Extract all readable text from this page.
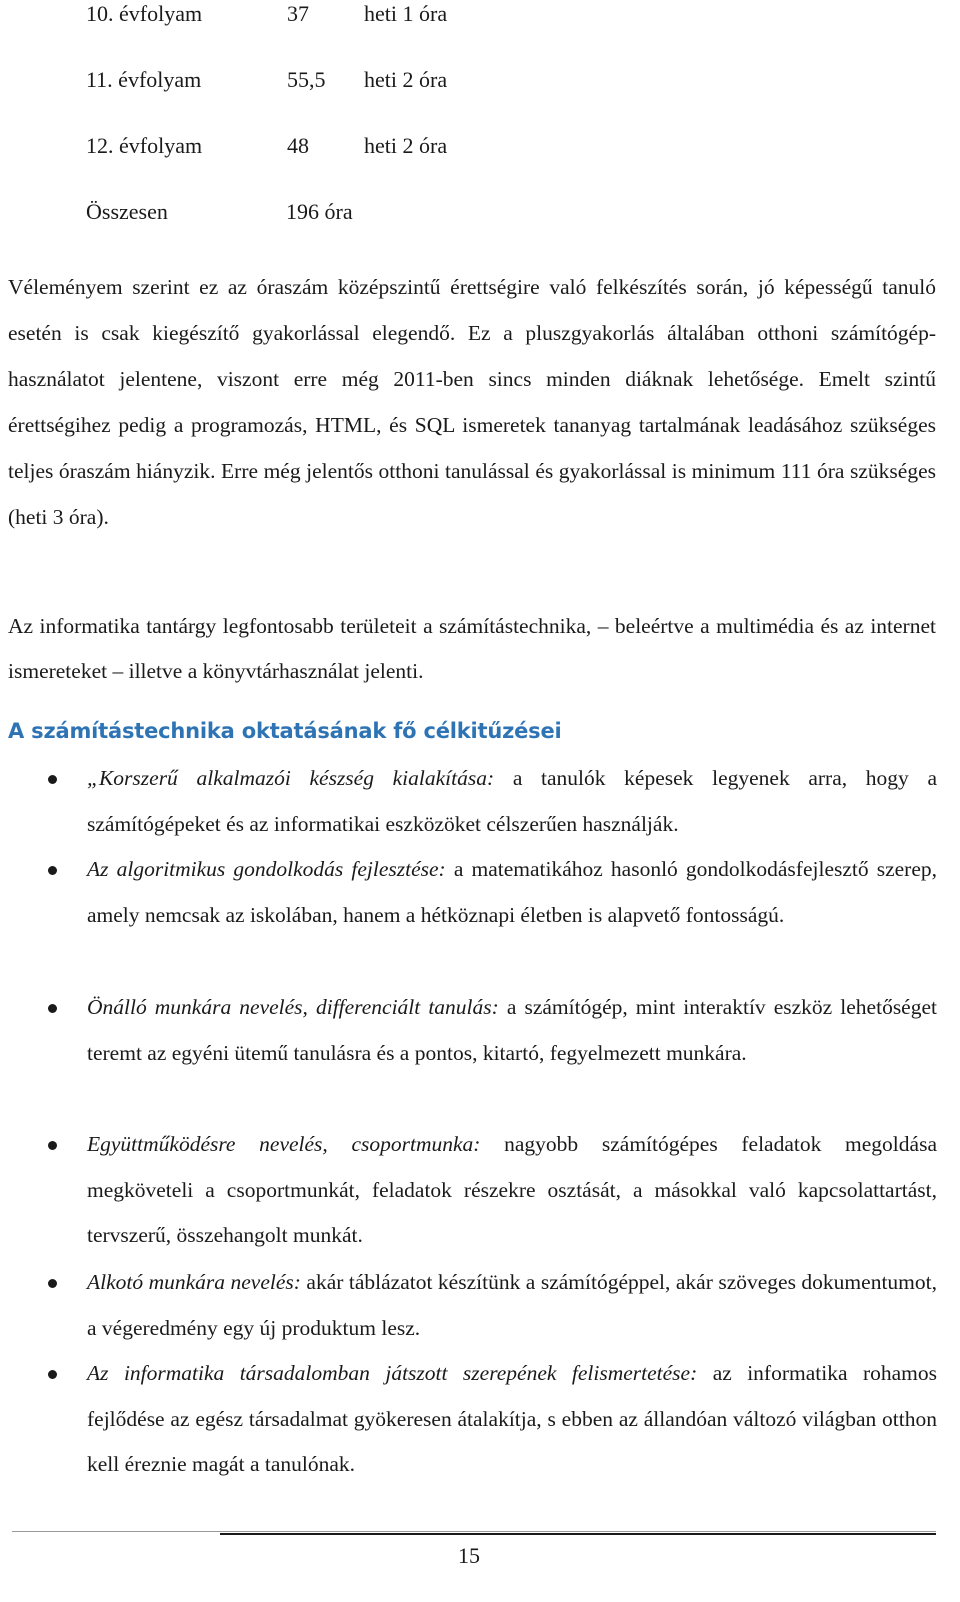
10. évfolyam	37	heti 1 óra
11. évfolyam	55,5 heti 2 óra
12. évfolyam	48	heti 2 óra
Összesen	196 óra
Véleményem szerint ez az óraszám középszintű érettségire való felkészítés során, jó képességű tanuló esetén is csak kiegészítő gyakorlással elegendő. Ez a pluszgyakorlás általában otthoni számítógép-használatot jelentene, viszont erre még 2011-ben sincs minden diáknak lehetősége. Emelt szintű érettségihez pedig a programozás, HTML, és SQL ismeretek tananyag tartalmának leadásához szükséges teljes óraszám hiányzik. Erre még jelentős otthoni tanulással és gyakorlással is minimum 111 óra szükséges (heti 3 óra).
Az informatika tantárgy legfontosabb területeit a számítástechnika, – beleértve a multimédia és az internet ismereteket – illetve a könyvtárhasználat jelenti.
A számítástechnika oktatásának fő célkitűzései
„Korszerű alkalmazói készség kialakítása: a tanulók képesek legyenek arra, hogy a számítógépeket és az informatikai eszközöket célszerűen használják.
Az algoritmikus gondolkodás fejlesztése: a matematikához hasonló gondolkodásfejlesztő szerep, amely nemcsak az iskolában, hanem a hétköznapi életben is alapvető fontosságú.
Önálló munkára nevelés, differenciált tanulás: a számítógép, mint interaktív eszköz lehetőséget teremt az egyéni ütemű tanulásra és a pontos, kitartó, fegyelmezett munkára.
Együttműködésre nevelés, csoportmunka: nagyobb számítógépes feladatok megoldása megköveteli a csoportmunkát, feladatok részekre osztását, a másokkal való kapcsolattartást, tervszerű, összehangolt munkát.
Alkotó munkára nevelés: akár táblázatot készítünk a számítógéppel, akár szöveges dokumentumot, a végeredmény egy új produktum lesz.
Az informatika társadalomban játszott szerepének felismertetése: az informatika rohamos fejlődése az egész társadalmat gyökeresen átalakítja, s ebben az állandóan változó világban otthon kell éreznie magát a tanulónak.
15
